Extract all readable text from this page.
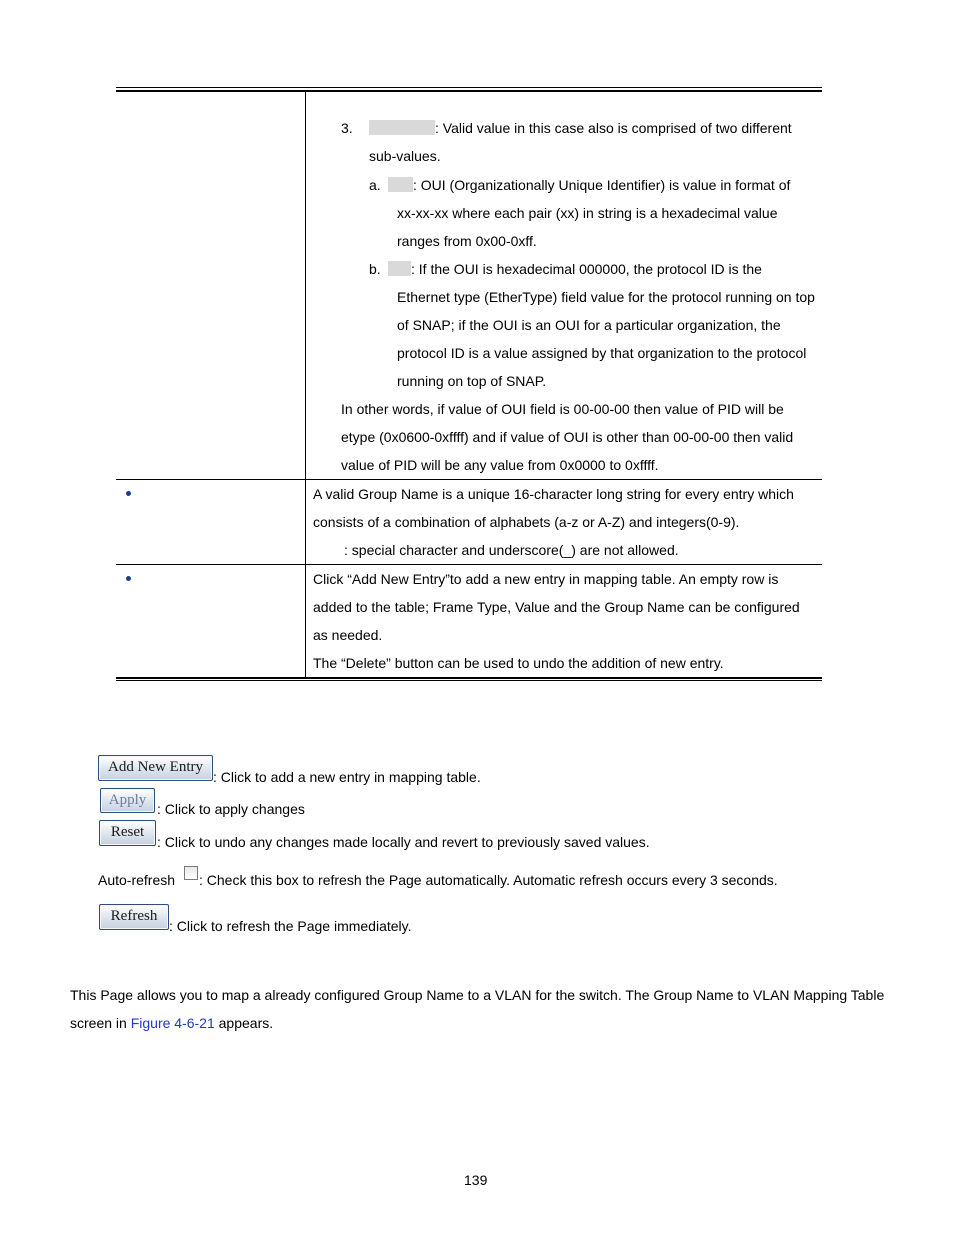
3.	: Valid value in this case also is comprised of two different
sub-values.
a.	: OUI (Organizationally Unique Identifier) is value in format of
xx-xx-xx where each pair (xx) in string is a hexadecimal value
ranges from 0x00-0xff.
b.	: If the OUI is hexadecimal 000000, the protocol ID is the
Ethernet type (EtherType) field value for the protocol running on top
of SNAP; if the OUI is an OUI for a particular organization, the
protocol ID is a value assigned by that organization to the protocol
running on top of SNAP.
In other words, if value of OUI field is 00-00-00 then value of PID will be
etype (0x0600-0xffff) and if value of OUI is other than 00-00-00 then valid
value of PID will be any value from 0x0000 to 0xffff.
A valid Group Name is a unique 16-character long string for every entry which
consists of a combination of alphabets (a-z or A-Z) and integers(0-9).
: special character and underscore(_) are not allowed.
Click “Add New Entry”to add a new entry in mapping table. An empty row is
added to the table; Frame Type, Value and the Group Name can be configured
as needed.
The “Delete” button can be used to undo the addition of new entry.
Add New Entry
: Click to add a new entry in mapping table.
Apply
: Click to apply changes
Reset
: Click to undo any changes made locally and revert to previously saved values.
Auto-refresh : Check this box to refresh the Page automatically. Automatic refresh occurs every 3 seconds.
Refresh
: Click to refresh the Page immediately.
This Page allows you to map a already configured Group Name to a VLAN for the switch. The Group Name to VLAN Mapping Table
screen in Figure 4-6-21 appears.
139
